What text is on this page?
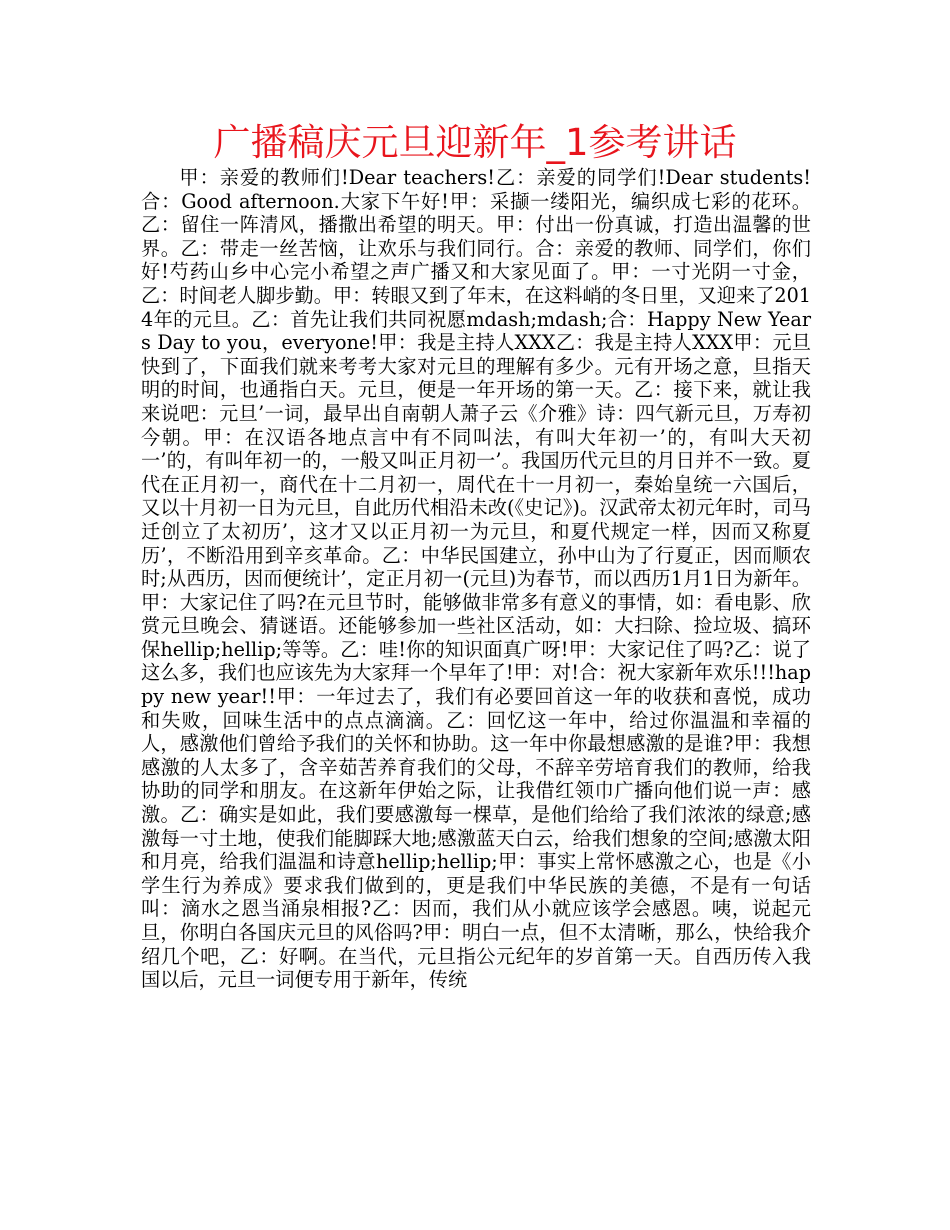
广播稿庆元旦迎新年_1参考讲话

甲：亲爱的教师们!Dear teachers!乙：亲爱的同学们!Dear students!合：Good afternoon.大家下午好!甲：采撷一缕阳光，编织成七彩的花环。乙：留住一阵清风，播撒出希望的明天。甲：付出一份真诚，打造出温馨的世界。乙：带走一丝苦恼，让欢乐与我们同行。合：亲爱的教师、同学们，你们好!芍药山乡中心完小希望之声广播又和大家见面了。甲：一寸光阴一寸金，乙：时间老人脚步勤。甲：转眼又到了年末，在这料峭的冬日里，又迎来了2014年的元旦。乙：首先让我们共同祝愿mdash;mdash;合：Happy New Years Day to you，everyone!甲：我是主持人XXX乙：我是主持人XXX甲：元旦快到了，下面我们就来考考大家对元旦的理解有多少。元有开场之意，旦指天明的时间，也通指白天。元旦，便是一年开场的第一天。乙：接下来，就让我来说吧：元旦’一词，最早出自南朝人萧子云《介雅》诗：四气新元旦，万寿初今朝。甲：在汉语各地点言中有不同叫法，有叫大年初一’的，有叫大天初一’的，有叫年初一的，一般又叫正月初一’。我国历代元旦的月日并不一致。夏代在正月初一，商代在十二月初一，周代在十一月初一，秦始皇统一六国后，又以十月初一日为元旦，自此历代相沿未改(《史记》)。汉武帝太初元年时，司马迁创立了太初历’，这才又以正月初一为元旦，和夏代规定一样，因而又称夏历’，不断沿用到辛亥革命。乙：中华民国建立，孙中山为了行夏正，因而顺农时;从西历，因而便统计’，定正月初一(元旦)为春节，而以西历1月1日为新年。甲：大家记住了吗?在元旦节时，能够做非常多有意义的事情，如：看电影、欣赏元旦晚会、猜谜语。还能够参加一些社区活动，如：大扫除、捡垃圾、搞环保hellip;hellip;等等。乙：哇!你的知识面真广呀!甲：大家记住了吗?乙：说了这么多，我们也应该先为大家拜一个早年了!甲：对!合：祝大家新年欢乐!!!happy new year!!甲：一年过去了，我们有必要回首这一年的收获和喜悦，成功和失败，回味生活中的点点滴滴。乙：回忆这一年中，给过你温温和幸福的人，感激他们曾给予我们的关怀和协助。这一年中你最想感激的是谁?甲：我想感激的人太多了，含辛茹苦养育我们的父母，不辞辛劳培育我们的教师，给我协助的同学和朋友。在这新年伊始之际，让我借红领巾广播向他们说一声：感激。乙：确实是如此，我们要感激每一棵草，是他们给给了我们浓浓的绿意;感激每一寸土地，使我们能脚踩大地;感激蓝天白云，给我们想象的空间;感激太阳和月亮，给我们温温和诗意hellip;hellip;甲：事实上常怀感激之心，也是《小学生行为养成》要求我们做到的，更是我们中华民族的美德，不是有一句话叫：滴水之恩当涌泉相报?乙：因而，我们从小就应该学会感恩。咦，说起元旦，你明白各国庆元旦的风俗吗?甲：明白一点，但不太清晰，那么，快给我介绍几个吧，乙：好啊。在当代，元旦指公元纪年的岁首第一天。自西历传入我国以后，元旦一词便专用于新年，传统
